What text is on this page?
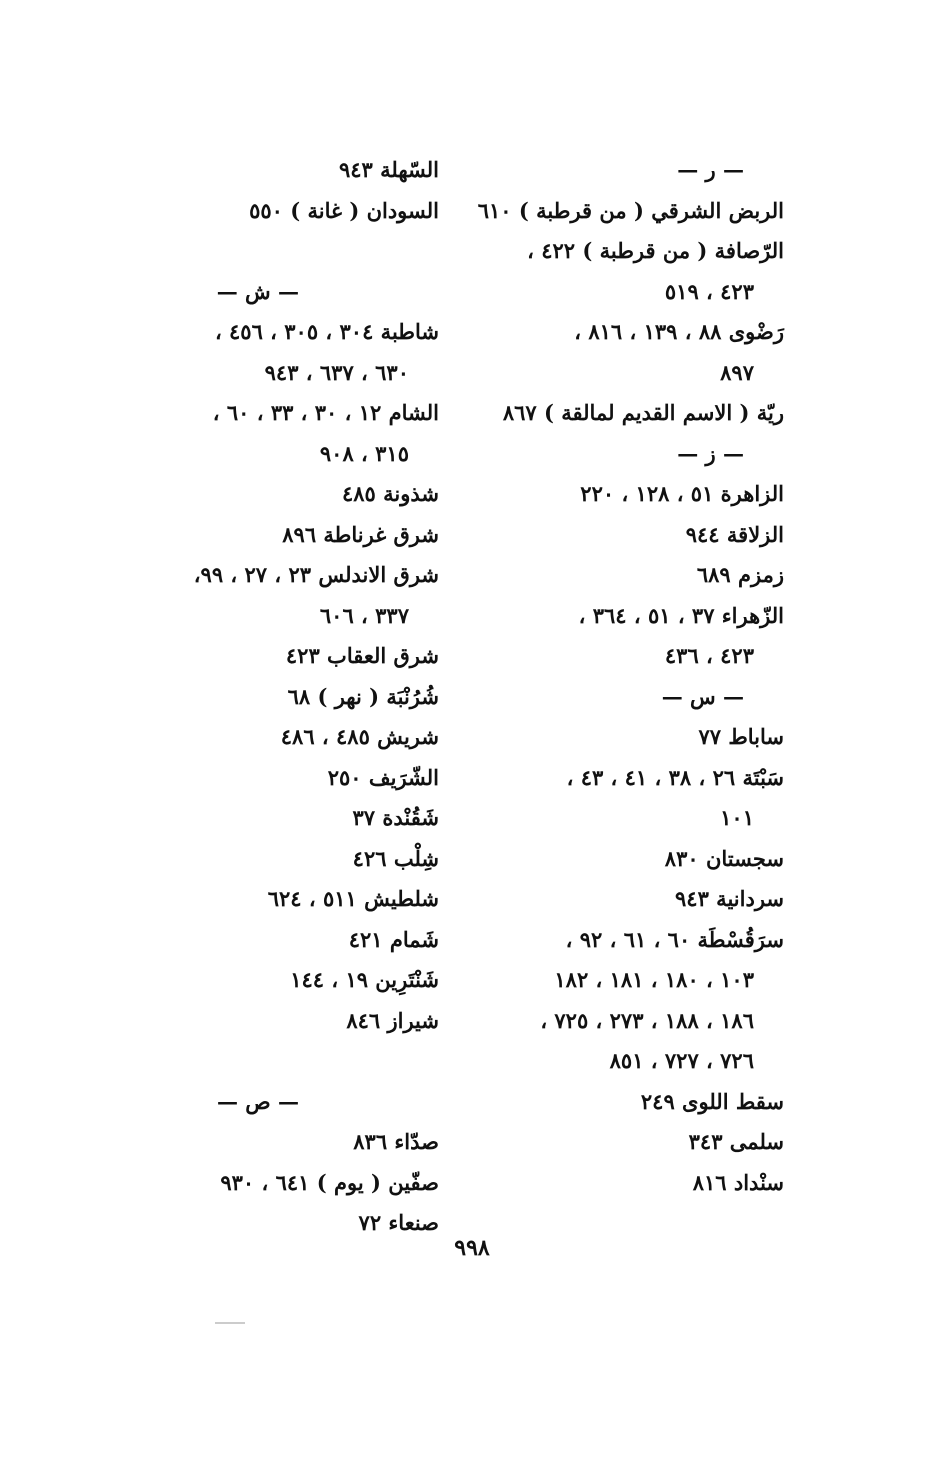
— ر —
الربض الشرقي ( من قرطبة ) ٦١٠
الرّصافة ( من قرطبة ) ٤٢٢ ،
٤٢٣ ، ٥١٩
رَضْوى ٨٨ ، ١٣٩ ، ٨١٦ ،
٨٩٧
ريّة ( الاسم القديم لمالقة ) ٨٦٧
— ز —
الزاهرة ٥١ ، ١٢٨ ، ٢٢٠
الزلاقة ٩٤٤
زمزم ٦٨٩
الزّهراء ٣٧ ، ٥١ ، ٣٦٤ ،
٤٢٣ ، ٤٣٦
— س —
ساباط ٧٧
سَبْتَة ٢٦ ، ٣٨ ، ٤١ ، ٤٣ ،
١٠١
سجستان ٨٣٠
سردانية ٩٤٣
سرَقُسْطَة ٦٠ ، ٦١ ، ٩٢ ،
١٠٣ ، ١٨٠ ، ١٨١ ، ١٨٢
١٨٦ ، ١٨٨ ، ٢٧٣ ، ٧٢٥ ،
٧٢٦ ، ٧٢٧ ، ٨٥١
سقط اللوى ٢٤٩
سلمى ٣٤٣
سنْداد ٨١٦
السّهلة ٩٤٣
السودان ( غانة ) ٥٥٠
— ش —
شاطبة ٣٠٤ ، ٣٠٥ ، ٤٥٦ ،
٦٣٠ ، ٦٣٧ ، ٩٤٣
الشام ١٢ ، ٣٠ ، ٣٣ ، ٦٠ ،
٣١٥ ، ٩٠٨
شذونة ٤٨٥
شرق غرناطة ٨٩٦
شرق الاندلس ٢٣ ، ٢٧ ، ٩٩،
٣٣٧ ، ٦٠٦
شرق العقاب ٤٢٣
شُرُنْبَة ( نهر ) ٦٨
شريش ٤٨٥ ، ٤٨٦
الشّرَيف ٢٥٠
شَقُنْدة ٣٧
شِلْب ٤٢٦
شلطيش ٥١١ ، ٦٢٤
شَمام ٤٢١
شَنْتَرِين ١٩ ، ١٤٤
شيراز ٨٤٦
— ص —
صدّاء ٨٣٦
صفّين ( يوم ) ٦٤١ ، ٩٣٠
صنعاء ٧٢
٩٩٨
